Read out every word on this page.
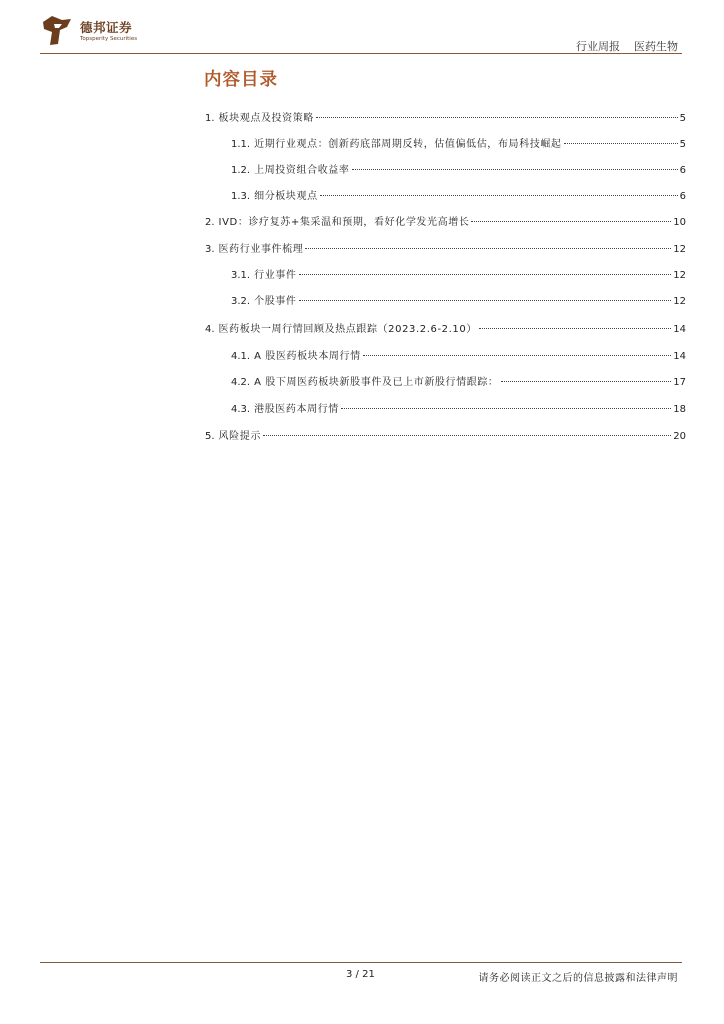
德邦证券
Topsperity Securities
行业周报 医药生物
内容目录
1. 板块观点及投资策略	5
1.1. 近期行业观点：创新药底部周期反转，估值偏低估，布局科技崛起	5
1.2. 上周投资组合收益率	6
1.3. 细分板块观点	6
2. IVD：诊疗复苏+集采温和预期，看好化学发光高增长	10
3. 医药行业事件梳理	12
3.1. 行业事件	12
3.2. 个股事件	12
4. 医药板块一周行情回顾及热点跟踪（2023.2.6-2.10）	14
4.1. A 股医药板块本周行情	14
4.2. A 股下周医药板块新股事件及已上市新股行情跟踪：	17
4.3. 港股医药本周行情	18
5. 风险提示	20
3 / 21	请务必阅读正文之后的信息披露和法律声明
